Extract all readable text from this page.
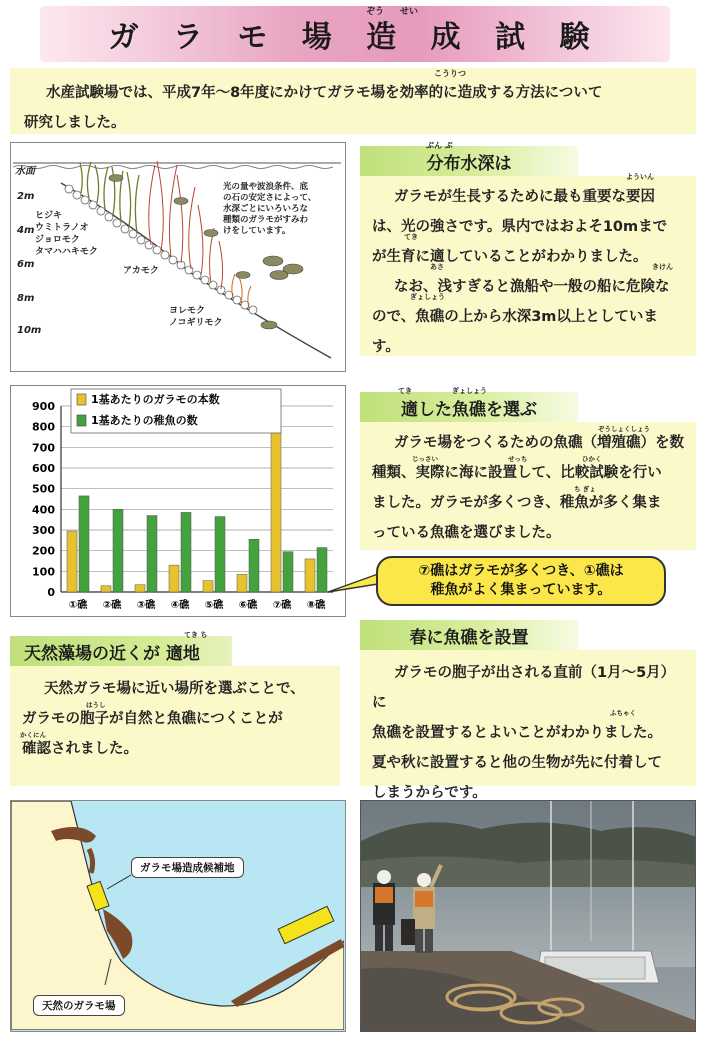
ガ ラ モ 場 造 成 試 験
ぞう せい
水産試験場では、平成7年～8年度にかけてガラモ場を効率的に造成する方法について
研究しました。
こうりつ
水面
2m
4m
6m
8m
10m
ヒジキ
ウミトラノオ
ジョロモク
タマハハキモク
アカモク
ヨレモク
ノコギリモク
光の量や波浪条件、底
の石の安定さによって、
水深ごとにいろいろな
種類のガラモがすみわ
けをしています。
分布水深は
ぶん ぷ
ガラモが生長するために最も重要な要因
は、光の強さです。県内ではおよそ10mまで
が生育に適していることがわかりました。
なお、浅すぎると漁船や一般の船に危険な
ので、魚礁の上から水深3m以上としていま
す。
よういん
てき
あさ	きけん
ぎょしょう
0
100
200
300
400
500
600
700
800
900
①礁 ②礁 ③礁 ④礁 ⑤礁 ⑥礁 ⑦礁 ⑧礁
1基あたりのガラモの本数
1基あたりの稚魚の数
⑦礁はガラモが多くつき、①礁は
稚魚がよく集まっています。
適した魚礁を選ぶ
てき	ぎょしょう
ガラモ場をつくるための魚礁（増殖礁）を数
種類、実際に海に設置して、比較試験を行い
ました。ガラモが多くつき、稚魚が多く集ま
っている魚礁を選びました。
ぞうしょくしょう
じっさい	せっち	ひかく
ち ぎょ
天然藻場の近くが 適地
てき ち
天然ガラモ場に近い場所を選ぶことで、
ガラモの胞子が自然と魚礁につくことが
確認されました。
はうし
かくにん
春に魚礁を設置
ガラモの胞子が出される直前（1月～5月）に
魚礁を設置するとよいことがわかりました。
夏や秋に設置すると他の生物が先に付着して
しまうからです。
ふちゃく
ガラモ場造成候補地
天然のガラモ場
